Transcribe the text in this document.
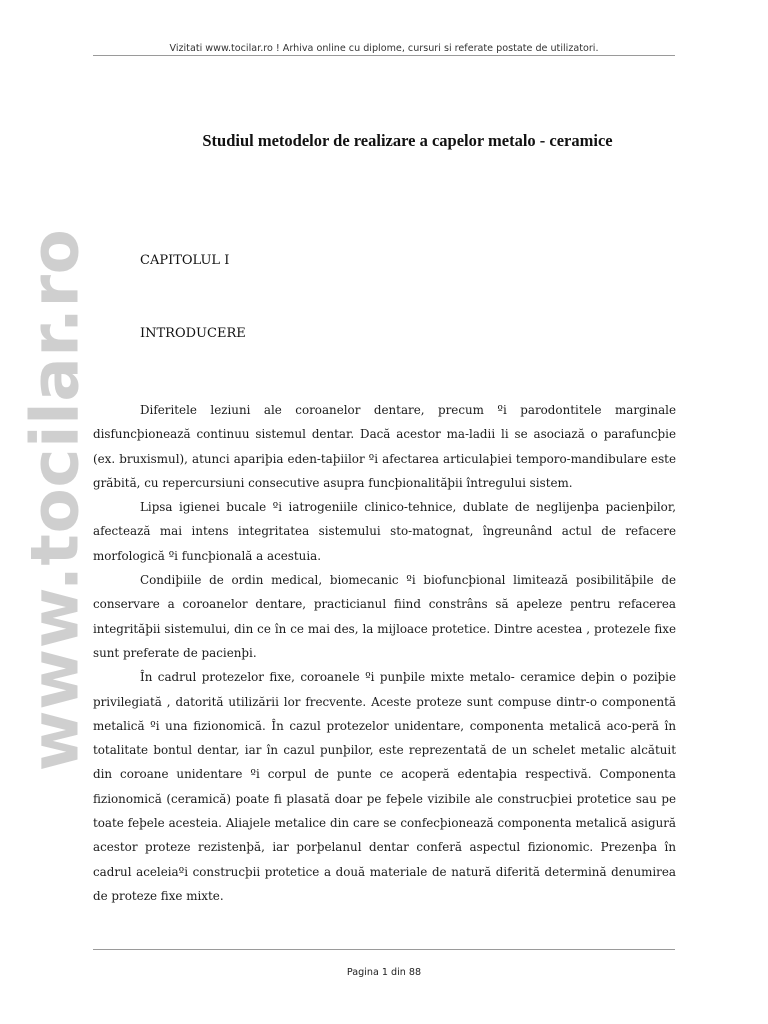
Vizitati www.tocilar.ro ! Arhiva online cu diplome, cursuri si referate postate de utilizatori.
www.tocilar.ro
Studiul metodelor de realizare a capelor metalo - ceramice
CAPITOLUL I
INTRODUCERE

Diferitele leziuni ale coroanelor dentare, precum ºi parodontitele marginale disfuncþionează continuu sistemul dentar. Dacă acestor ma-ladii li se asociază o parafuncþie (ex. bruxismul), atunci apariþia eden-taþiilor ºi afectarea articulaþiei temporo-mandibulare este grăbită, cu repercursiuni consecutive asupra funcþionalităþii întregului sistem.

Lipsa igienei bucale ºi iatrogeniile clinico-tehnice, dublate de neglijenþa pacienþilor, afectează mai intens integritatea sistemului sto-matognat, îngreunând actul de refacere morfologică ºi funcþională a acestuia.

Condiþiile de ordin medical, biomecanic ºi biofuncþional limitează posibilităþile de conservare a coroanelor dentare, practicianul fiind constrâns să apeleze pentru refacerea integrităþii sistemului, din ce în ce mai des, la mijloace protetice. Dintre acestea , protezele fixe sunt preferate de pacienþi.

În cadrul protezelor fixe, coroanele ºi punþile mixte metalo- ceramice deþin o poziþie privilegiată , datorită utilizării lor frecvente. Aceste proteze sunt compuse dintr-o componentă metalică ºi una fizionomică. În cazul protezelor unidentare, componenta metalică aco-peră în totalitate bontul dentar, iar în cazul punþilor, este reprezentată de un schelet metalic alcătuit din coroane unidentare ºi corpul de punte ce acoperă edentaþia respectivă. Componenta fizionomică (ceramică) poate fi plasată doar pe feþele vizibile ale construcþiei protetice sau pe toate feþele acesteia. Aliajele metalice din care se confecþionează componenta metalică asigură acestor proteze rezistenþă, iar porþelanul dentar conferă aspectul fizionomic. Prezenþa în cadrul aceleiaºi construcþii protetice a două materiale de natură diferită determină denumirea de proteze fixe mixte.

Pagina 1 din 88
